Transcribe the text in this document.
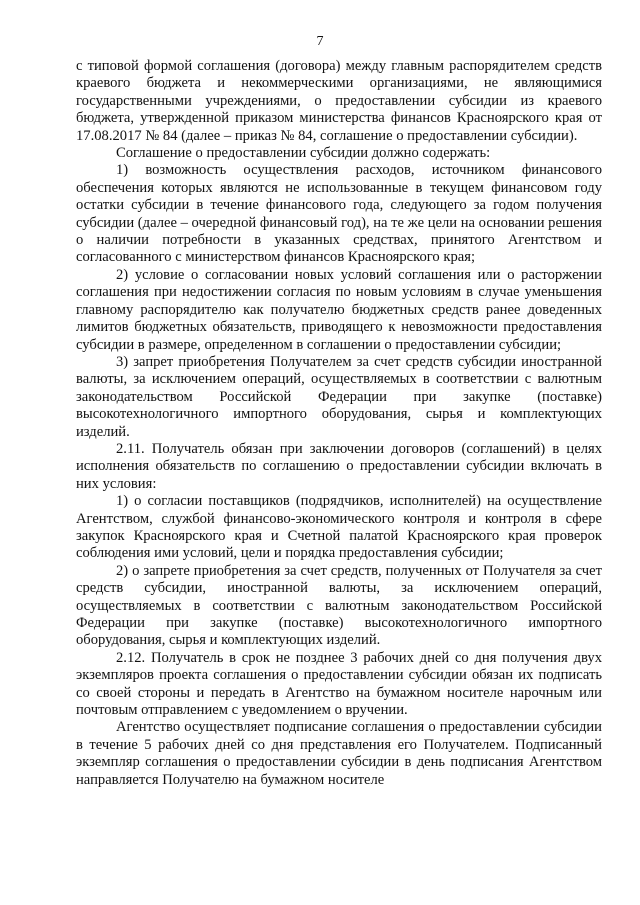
7

с типовой формой соглашения (договора) между главным распорядителем средств краевого бюджета и некоммерческими организациями, не являющимися государственными учреждениями, о предоставлении субсидии из краевого бюджета, утвержденной приказом министерства финансов Красноярского края от 17.08.2017 № 84 (далее – приказ № 84, соглашение о предоставлении субсидии).

Соглашение о предоставлении субсидии должно содержать:

1) возможность осуществления расходов, источником финансового обеспечения которых являются не использованные в текущем финансовом году остатки субсидии в течение финансового года, следующего за годом получения субсидии (далее – очередной финансовый год), на те же цели на основании решения о наличии потребности в указанных средствах, принятого Агентством и согласованного с министерством финансов Красноярского края;

2) условие о согласовании новых условий соглашения или о расторжении соглашения при недостижении согласия по новым условиям в случае уменьшения главному распорядителю как получателю бюджетных средств ранее доведенных лимитов бюджетных обязательств, приводящего к невозможности предоставления субсидии в размере, определенном в соглашении о предоставлении субсидии;

3) запрет приобретения Получателем за счет средств субсидии иностранной валюты, за исключением операций, осуществляемых в соответствии с валютным законодательством Российской Федерации при закупке (поставке) высокотехнологичного импортного оборудования, сырья и комплектующих изделий.

2.11. Получатель обязан при заключении договоров (соглашений) в целях исполнения обязательств по соглашению о предоставлении субсидии включать в них условия:

1) о согласии поставщиков (подрядчиков, исполнителей) на осуществление Агентством, службой финансово-экономического контроля и контроля в сфере закупок Красноярского края и Счетной палатой Красноярского края проверок соблюдения ими условий, цели и порядка предоставления субсидии;

2) о запрете приобретения за счет средств, полученных от Получателя за счет средств субсидии, иностранной валюты, за исключением операций, осуществляемых в соответствии с валютным законодательством Российской Федерации при закупке (поставке) высокотехнологичного импортного оборудования, сырья и комплектующих изделий.

2.12. Получатель в срок не позднее 3 рабочих дней со дня получения двух экземпляров проекта соглашения о предоставлении субсидии обязан их подписать со своей стороны и передать в Агентство на бумажном носителе нарочным или почтовым отправлением с уведомлением о вручении.

Агентство осуществляет подписание соглашения о предоставлении субсидии в течение 5 рабочих дней со дня представления его Получателем. Подписанный экземпляр соглашения о предоставлении субсидии в день подписания Агентством направляется Получателю на бумажном носителе
